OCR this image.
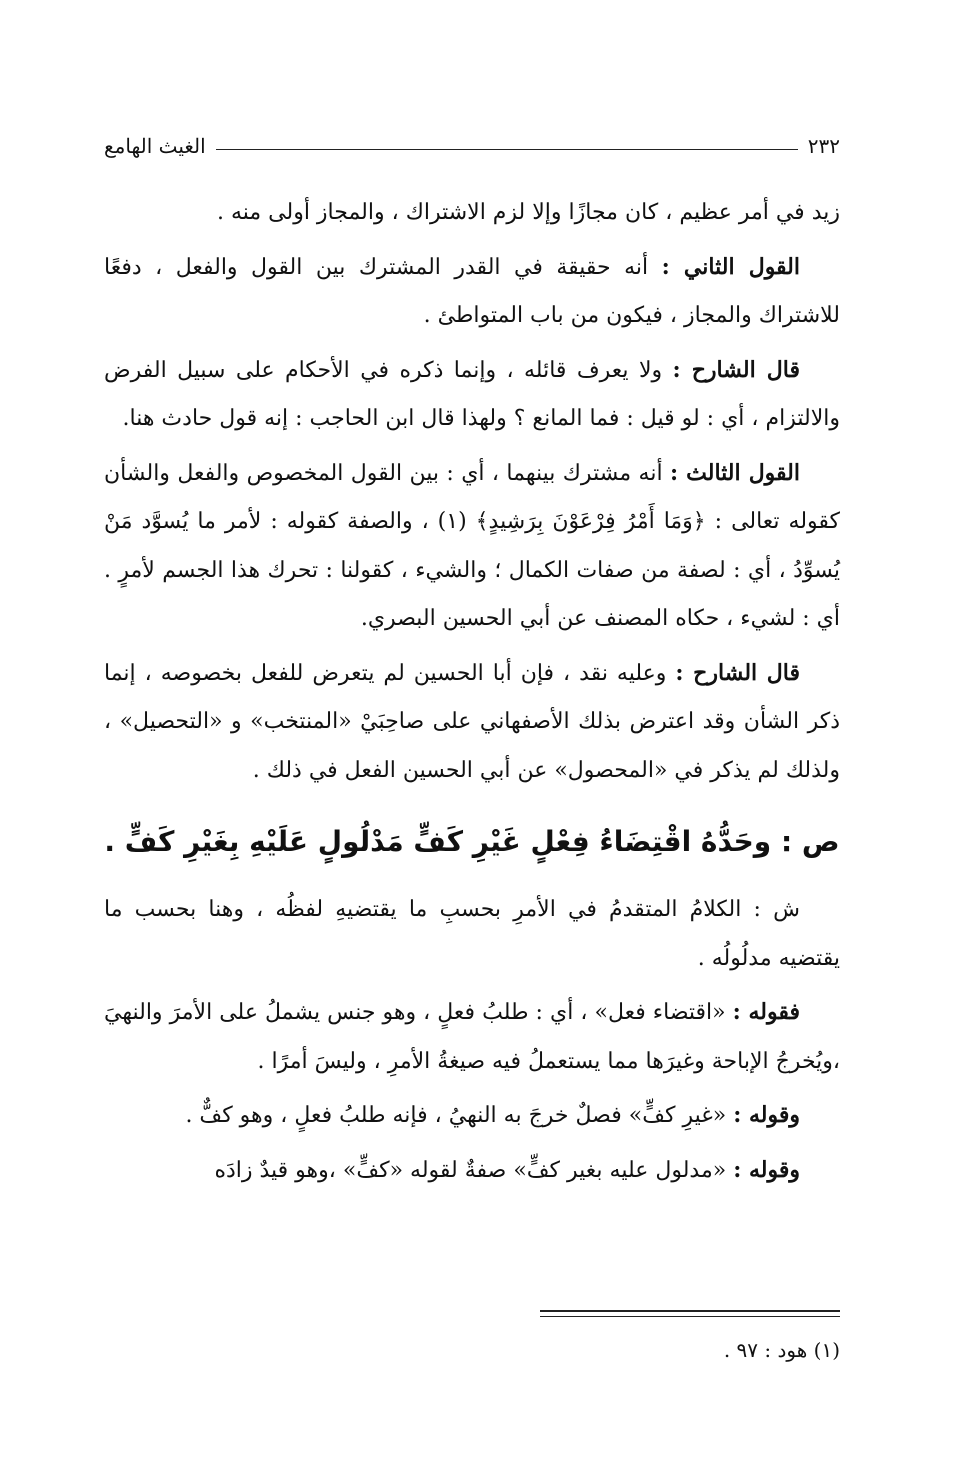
٢٣٢
الغيث الهامع

زيد في أمر عظيم ، كان مجازًا وإلا لزم الاشتراك ، والمجاز أولى منه .

القول الثاني : أنه حقيقة في القدر المشترك بين القول والفعل ، دفعًا للاشتراك والمجاز ، فيكون من باب المتواطئ .

قال الشارح : ولا يعرف قائله ، وإنما ذكره في الأحكام على سبيل الفرض والالتزام ، أي : لو قيل : فما المانع ؟ ولهذا قال ابن الحاجب : إنه قول حادث هنا.

القول الثالث : أنه مشترك بينهما ، أي : بين القول المخصوص والفعل والشأن كقوله تعالى : ﴿وَمَا أَمْرُ فِرْعَوْنَ بِرَشِيدٍ﴾ (١) ، والصفة كقوله : لأمر ما يُسوَّد مَنْ يُسوِّدُ ، أي : لصفة من صفات الكمال ؛ والشيء ، كقولنا : تحرك هذا الجسم لأمرٍ . أي : لشيء ، حكاه المصنف عن أبي الحسين البصري.

قال الشارح : وعليه نقد ، فإن أبا الحسين لم يتعرض للفعل بخصوصه ، إنما ذكر الشأن وقد اعترض بذلك الأصفهاني على صاحِبَيْ «المنتخب» و «التحصيل» ، ولذلك لم يذكر في «المحصول» عن أبي الحسين الفعل في ذلك .

ص : وحَدُّهُ اقْتِضَاءُ فِعْلٍ غَيْرِ كَفٍّ مَدْلُولٍ عَلَيْهِ بِغَيْرِ كَفٍّ .

ش : الكلامُ المتقدمُ في الأمرِ بحسبِ ما يقتضيهِ لفظُه ، وهنا بحسب ما يقتضيه مدلُولُه .

فقوله : «اقتضاء فعل» ، أي : طلبُ فعلٍ ، وهو جنس يشملُ على الأمرَ والنهيَ ،ويُخرجُ الإباحة وغيرَها مما يستعملُ فيه صيغةُ الأمرِ ، وليسَ أمرًا .

وقوله : «غيرِ كفٍّ» فصلٌ خرجَ به النهيُ ، فإنه طلبُ فعلٍ ، وهو كفٌّ .

وقوله : «مدلول عليه بغير كفٍّ» صفةٌ لقوله «كفٍّ» ،وهو قيدٌ زادَه

(١) هود : ٩٧ .
